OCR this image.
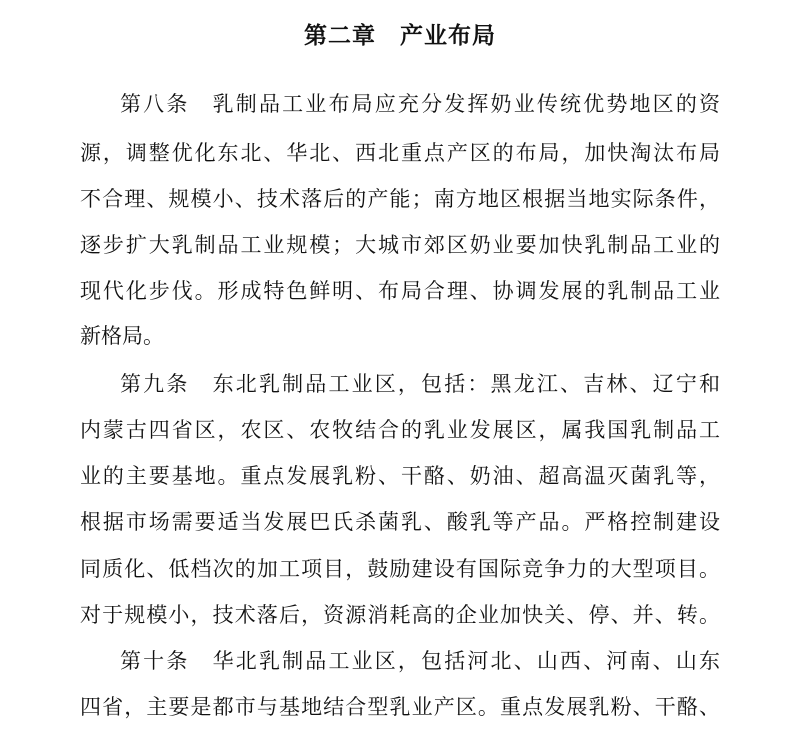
第二章　产业布局
第八条　乳制品工业布局应充分发挥奶业传统优势地区的资
源，调整优化东北、华北、西北重点产区的布局，加快淘汰布局
不合理、规模小、技术落后的产能；南方地区根据当地实际条件，
逐步扩大乳制品工业规模；大城市郊区奶业要加快乳制品工业的
现代化步伐。形成特色鲜明、布局合理、协调发展的乳制品工业
新格局。
第九条　东北乳制品工业区，包括：黑龙江、吉林、辽宁和
内蒙古四省区，农区、农牧结合的乳业发展区，属我国乳制品工
业的主要基地。重点发展乳粉、干酪、奶油、超高温灭菌乳等，
根据市场需要适当发展巴氏杀菌乳、酸乳等产品。严格控制建设
同质化、低档次的加工项目，鼓励建设有国际竞争力的大型项目。
对于规模小，技术落后，资源消耗高的企业加快关、停、并、转。
第十条　华北乳制品工业区，包括河北、山西、河南、山东
四省，主要是都市与基地结合型乳业产区。重点发展乳粉、干酪、
